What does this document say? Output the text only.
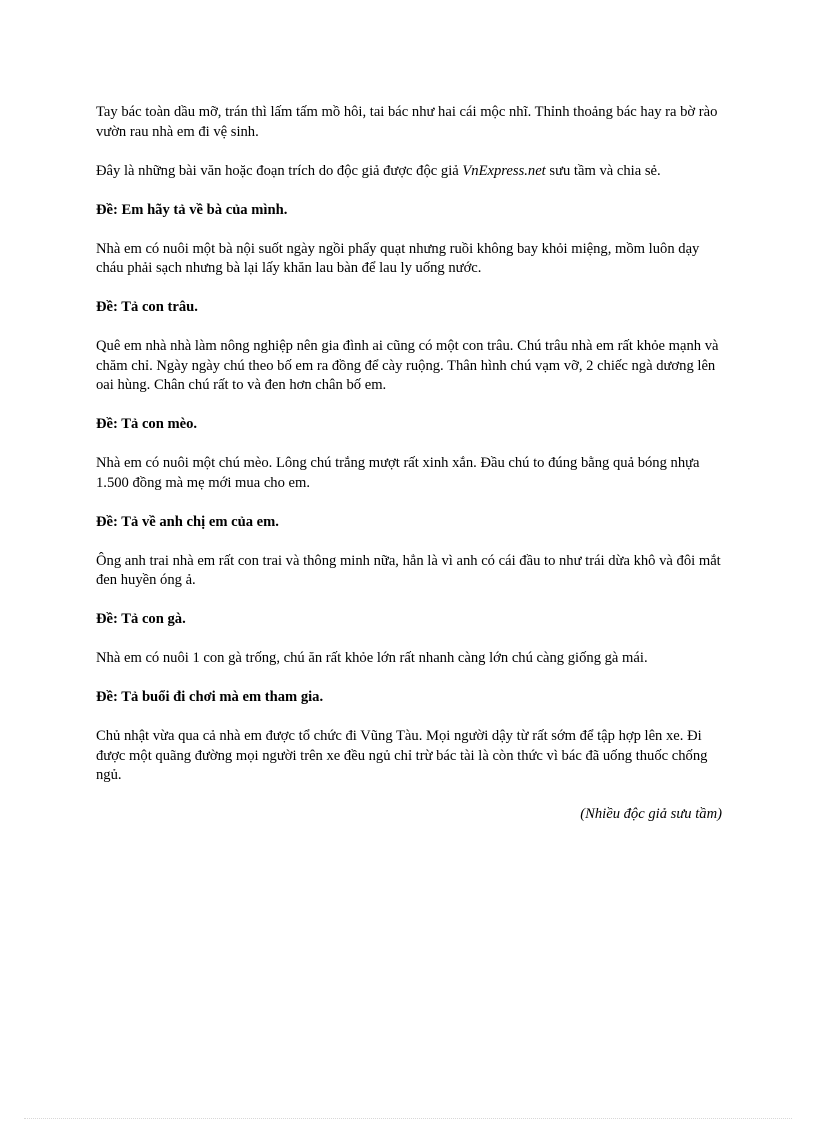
Tay bác toàn dầu mỡ, trán thì lấm tấm mồ hôi, tai bác như hai cái mộc nhĩ. Thỉnh thoảng bác hay ra bờ rào vườn rau nhà em đi vệ sinh.

Đây là những bài văn hoặc đoạn trích do độc giả được độc giả VnExpress.net sưu tầm và chia sẻ.

Đề: Em hãy tả về bà của mình.

Nhà em có nuôi một bà nội suốt ngày ngồi phẩy quạt nhưng ruồi không bay khỏi miệng, mồm luôn dạy cháu phải sạch nhưng bà lại lấy khăn lau bàn để lau ly uống nước.

Đề: Tả con trâu.

Quê em nhà nhà làm nông nghiệp nên gia đình ai cũng có một con trâu. Chú trâu nhà em rất khỏe mạnh và chăm chỉ. Ngày ngày chú theo bố em ra đồng để cày ruộng. Thân hình chú vạm vỡ, 2 chiếc ngà dương lên oai hùng. Chân chú rất to và đen hơn chân bố em.

Đề: Tả con mèo.

Nhà em có nuôi một chú mèo. Lông chú trắng mượt rất xinh xắn. Đầu chú to đúng bằng quả bóng nhựa 1.500 đồng mà mẹ mới mua cho em.

Đề: Tả về anh chị em của em.

Ông anh trai nhà em rất con trai và thông minh nữa, hẳn là vì anh có cái đầu to như trái dừa khô và đôi mắt đen huyền óng ả.

Đề: Tả con gà.

Nhà em có nuôi 1 con gà trống, chú ăn rất khỏe lớn rất nhanh càng lớn chú càng giống gà mái.

Đề: Tả buổi đi chơi mà em tham gia.

Chủ nhật vừa qua cả nhà em được tổ chức đi Vũng Tàu. Mọi người dậy từ rất sớm để tập hợp lên xe. Đi được một quãng đường mọi người trên xe đều ngủ chỉ trừ bác tài là còn thức vì bác đã uống thuốc chống ngủ.

(Nhiều độc giả sưu tầm)
